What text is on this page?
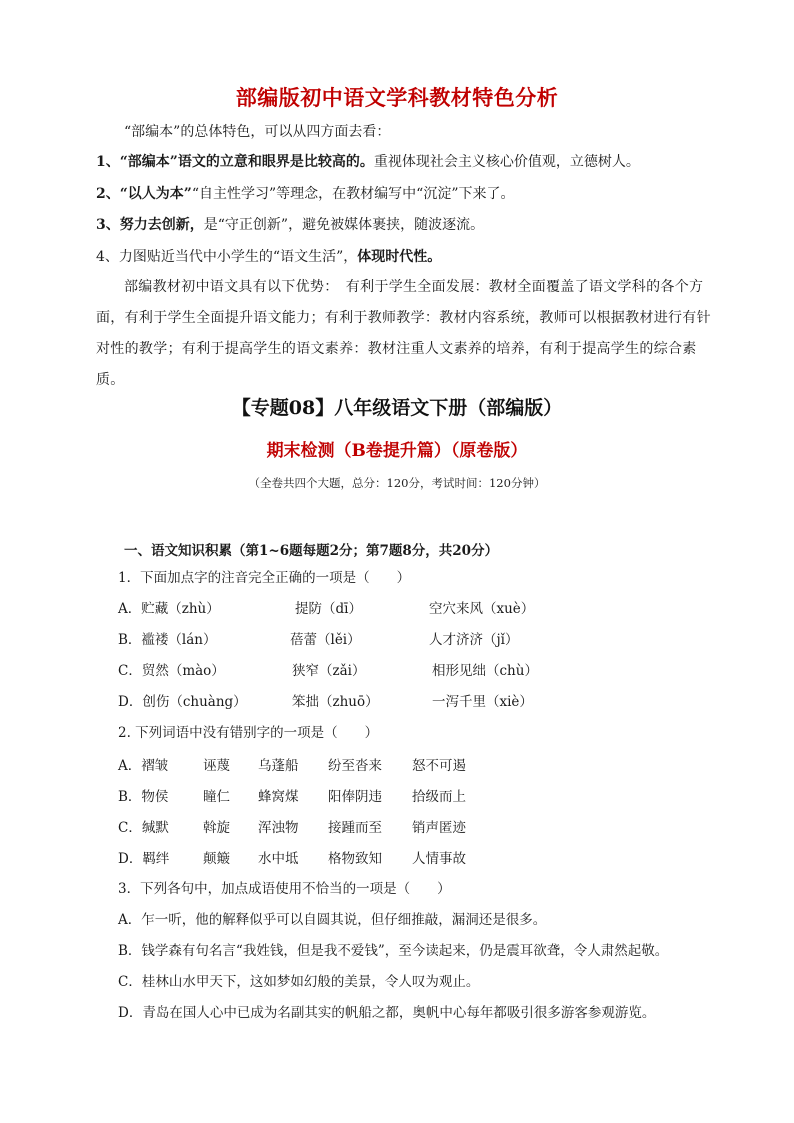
部编版初中语文学科教材特色分析
“部编本”的总体特色，可以从四方面去看：
1、“部编本”语文的立意和眼界是比较高的。重视体现社会主义核心价值观，立德树人。
2、“以人为本”“自主性学习”等理念，在教材编写中“沉淀”下来了。
3、努力去创新，是“守正创新”，避免被媒体裹挟，随波逐流。
4、力图贴近当代中小学生的“语文生活”，体现时代性。
部编教材初中语文具有以下优势：　有利于学生全面发展：教材全面覆盖了语文学科的各个方面，有利于学生全面提升语文能力；有利于教师教学：教材内容系统，教师可以根据教材进行有针对性的教学；有利于提高学生的语文素养：教材注重人文素养的培养，有利于提高学生的综合素质。
【专题08】八年级语文下册（部编版）
期末检测（B卷提升篇）（原卷版）
（全卷共四个大题，总分：120分，考试时间：120分钟）
一、语文知识积累（第1~6题每题2分；第7题8分，共20分）
1．下面加点字的注音完全正确的一项是（　　）
A．贮藏（zhù）	提防（dī）	空穴来风（xuè）
B．褴褛（lán）	蓓蕾（lěi）	人才济济（jǐ）
C．贸然（mào）	狭窄（zǎi）	相形见绌（chù）
D．创伤（chuàng）	笨拙（zhuō）	一泻千里（xiè）
2. 下列词语中没有错别字的一项是（　　）
A．褶皱	诬蔑 乌蓬船 纷至沓来 怒不可遏
B．物侯	瞳仁 蜂窝煤 阳俸阴违 拾级而上
C．缄默	斡旋 浑浊物 接踵而至 销声匿迹
D．羁绊 颠簸 水中坻 格物致知 人情事故
3．下列各句中，加点成语使用不恰当的一项是（　　）
A．乍一听，他的解释似乎可以自圆其说，但仔细推敲，漏洞还是很多。
B．钱学森有句名言“我姓钱，但是我不爱钱”，至今读起来，仍是震耳欲聋，令人肃然起敬。
C．桂林山水甲天下，这如梦如幻般的美景，令人叹为观止。
D．青岛在国人心中已成为名副其实的帆船之都，奥帆中心每年都吸引很多游客参观游览。
